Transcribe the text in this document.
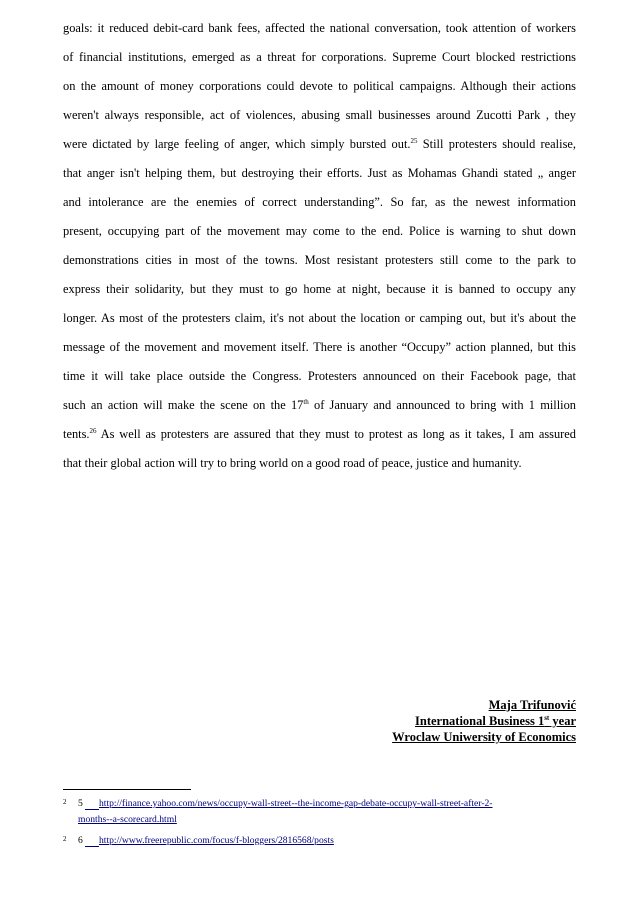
goals: it reduced debit-card bank fees, affected the national conversation, took attention of workers
of financial institutions, emerged as a threat for corporations. Supreme Court blocked restrictions
on the amount of money corporations could devote to political campaigns. Although their actions
weren't always responsible, act of violences, abusing small businesses around Zucotti Park , they
were dictated by large feeling of anger, which simply bursted out.$^{25}$ Still protesters should realise,
that anger isn't helping them, but destroying their efforts. Just as Mohamas Ghandi stated „ anger
and intolerance are the enemies of correct understanding”. So far, as the newest information
present, occupying part of the movement may come to the end. Police is warning to shut down
demonstrations cities in most of the towns. Most resistant protesters still come to the park to
express their solidarity, but they must to go home at night, because it is banned to occupy any
longer. As most of the protesters claim, it's not about the location or camping out, but it's about the
message of the movement and movement itself. There is another “Occupy” action planned, but this
time it will take place outside the Congress. Protesters announced on their Facebook page, that
such an action will make the scene on the 17th of January and announced to bring with 1 million
tents.$^{26}$ As well as protesters are assured that they must to protest as long as it takes, I am assured
that their global action will try to bring world on a good road of peace, justice and humanity.
Maja Trifunović
International Business 1st year
Wroclaw Uniwersity of Economics
2 5 http://finance.yahoo.com/news/occupy-wall-street--the-income-gap-debate-occupy-wall-street-after-2-
months--a-scorecard.html
2 6 http://www.freerepublic.com/focus/f-bloggers/2816568/posts
